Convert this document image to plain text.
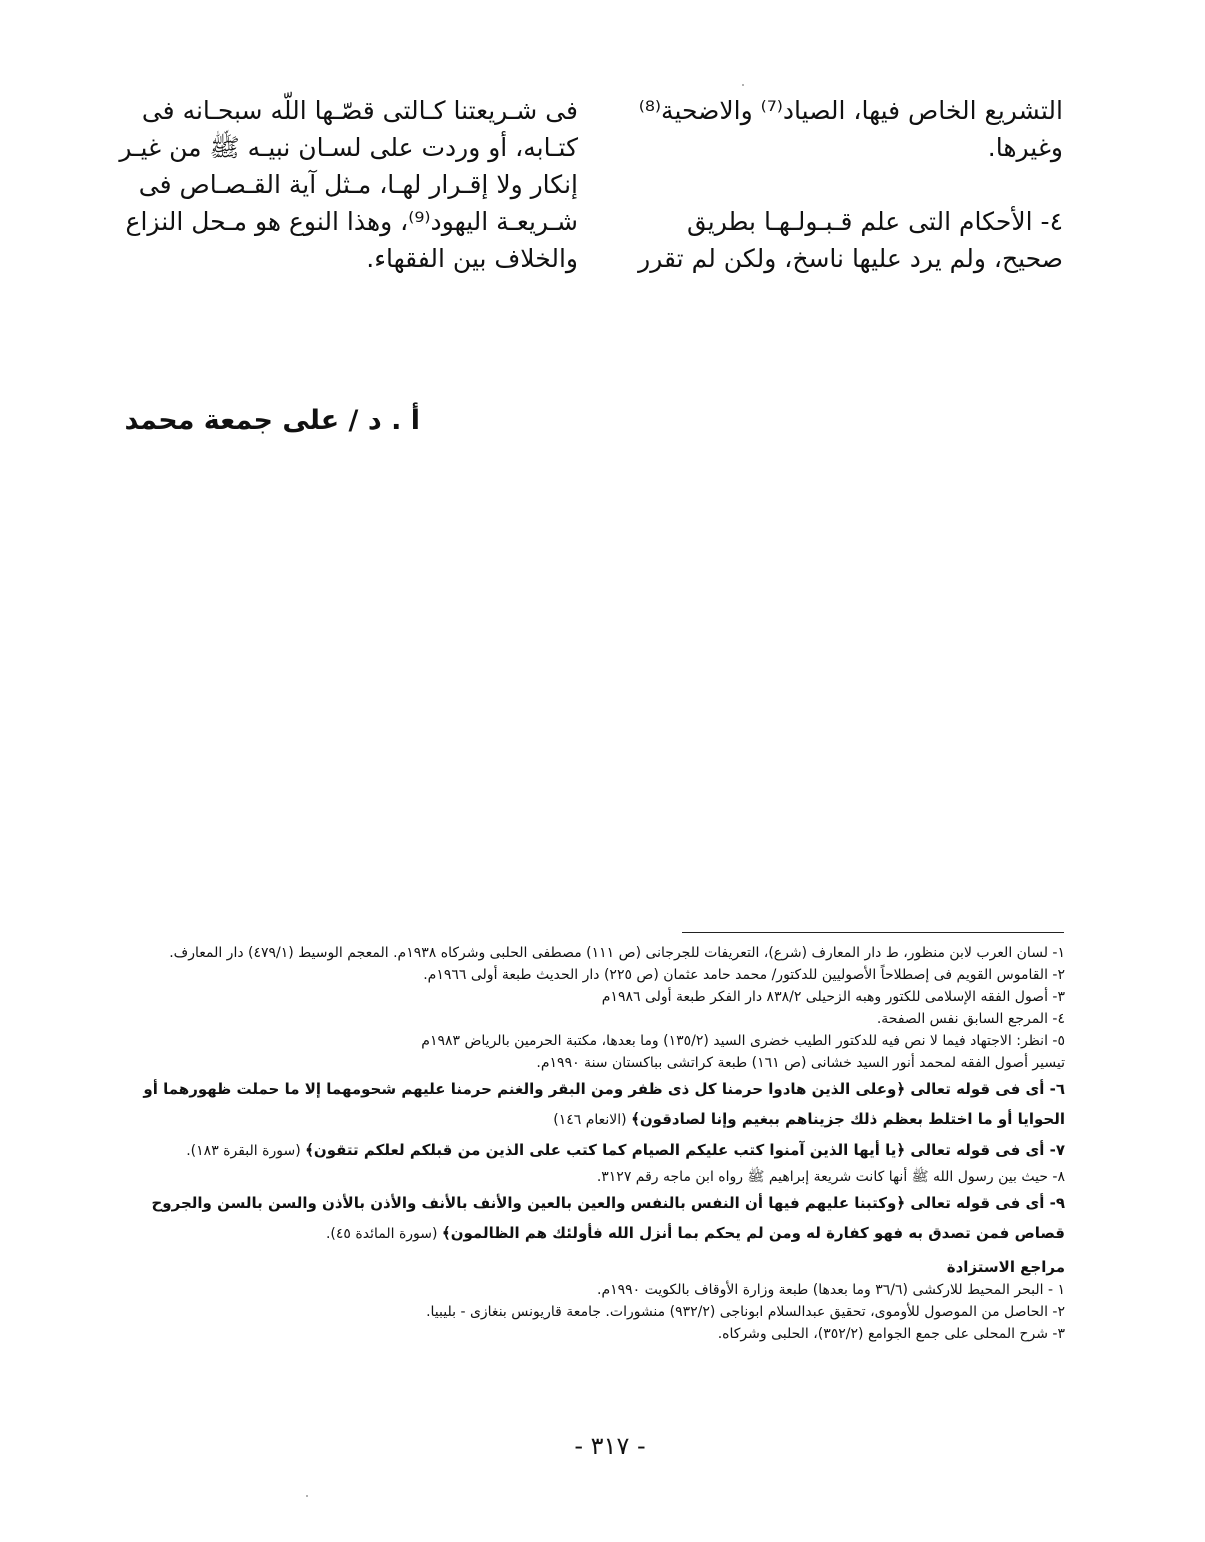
التشريع الخاص فيها، الصياد⁽⁷⁾ والاضحية⁽⁸⁾
وغيرها.
٤- الأحكام التى علم قـبـولـهـا بطريق
صحيح، ولم يرد عليها ناسخ، ولكن لم تقرر
فى شـريعتنا كـالتى قصّـها اللّه سبحـانه فى
كتـابه، أو وردت على لسـان نبيـه ﷺ من غيـر
إنكار ولا إقـرار لهـا، مـثل آية القـصـاص فى
شـريعـة اليهود⁽⁹⁾، وهذا النوع هو مـحل النزاع
والخلاف بين الفقهاء.
أ . د / على جمعة محمد

١- لسان العرب لابن منظور، ط دار المعارف (شرع)، التعريفات للجرجانى (ص ١١١) مصطفى الحلبى وشركاه ١٩٣٨م. المعجم الوسيط (٤٧٩/١) دار المعارف.

٢- القاموس القويم فى إصطلاحاً الأصوليين للدكتور/ محمد حامد عثمان (ص ٢٢٥) دار الحديث طبعة أولى ١٩٦٦م.

٣- أصول الفقه الإسلامى للكتور وهبه الزحيلى ٨٣٨/٢ دار الفكر طبعة أولى ١٩٨٦م

٤- المرجع السابق نفس الصفحة.

٥- انظر: الاجتهاد فيما لا نص فيه للدكتور الطيب خضرى السيد (١٣٥/٢) وما بعدها، مكتبة الحرمين بالرياض ١٩٨٣م

تيسير أصول الفقه لمحمد أنور السيد خشانى (ص ١٦١) طبعة كراتشى بباكستان سنة ١٩٩٠م.

٦- أى فى قوله تعالى ﴿وعلى الذين هادوا حرمنا كل ذى ظفر ومن البقر والغنم حرمنا عليهم شحومهما إلا ما حملت ظهورهما أو الحوايا أو ما اختلط بعظم ذلك جزيناهم ببغيم وإنا لصادقون﴾ (الانعام ١٤٦)

٧- أى فى قوله تعالى ﴿يا أيها الذين آمنوا كتب عليكم الصيام كما كتب على الذين من قبلكم لعلكم تتقون﴾ (سورة البقرة ١٨٣).

٨- حيث بين رسول الله ﷺ أنها كانت شريعة إبراهيم ﷺ رواه ابن ماجه رقم ٣١٢٧.

٩- أى فى قوله تعالى ﴿وكتبنا عليهم فيها أن النفس بالنفس والعين بالعين والأنف بالأنف والأذن بالأذن والسن بالسن والجروح قصاص فمن تصدق به فهو كفارة له ومن لم يحكم بما أنزل الله فأولئك هم الظالمون﴾ (سورة المائدة ٤٥).

مراجع الاستزادة

١ - البحر المحيط للاركشى (٣٦/٦ وما بعدها) طبعة وزارة الأوقاف بالكويت ١٩٩٠م.

٢- الحاصل من الموصول للأوموى، تحقيق عبدالسلام ابوناجى (٩٣٢/٢) منشورات. جامعة قاريونس بنغازى - بليبيا.

٣- شرح المحلى على جمع الجوامع (٣٥٢/٢)، الحلبى وشركاه.

- ٣١٧ -
